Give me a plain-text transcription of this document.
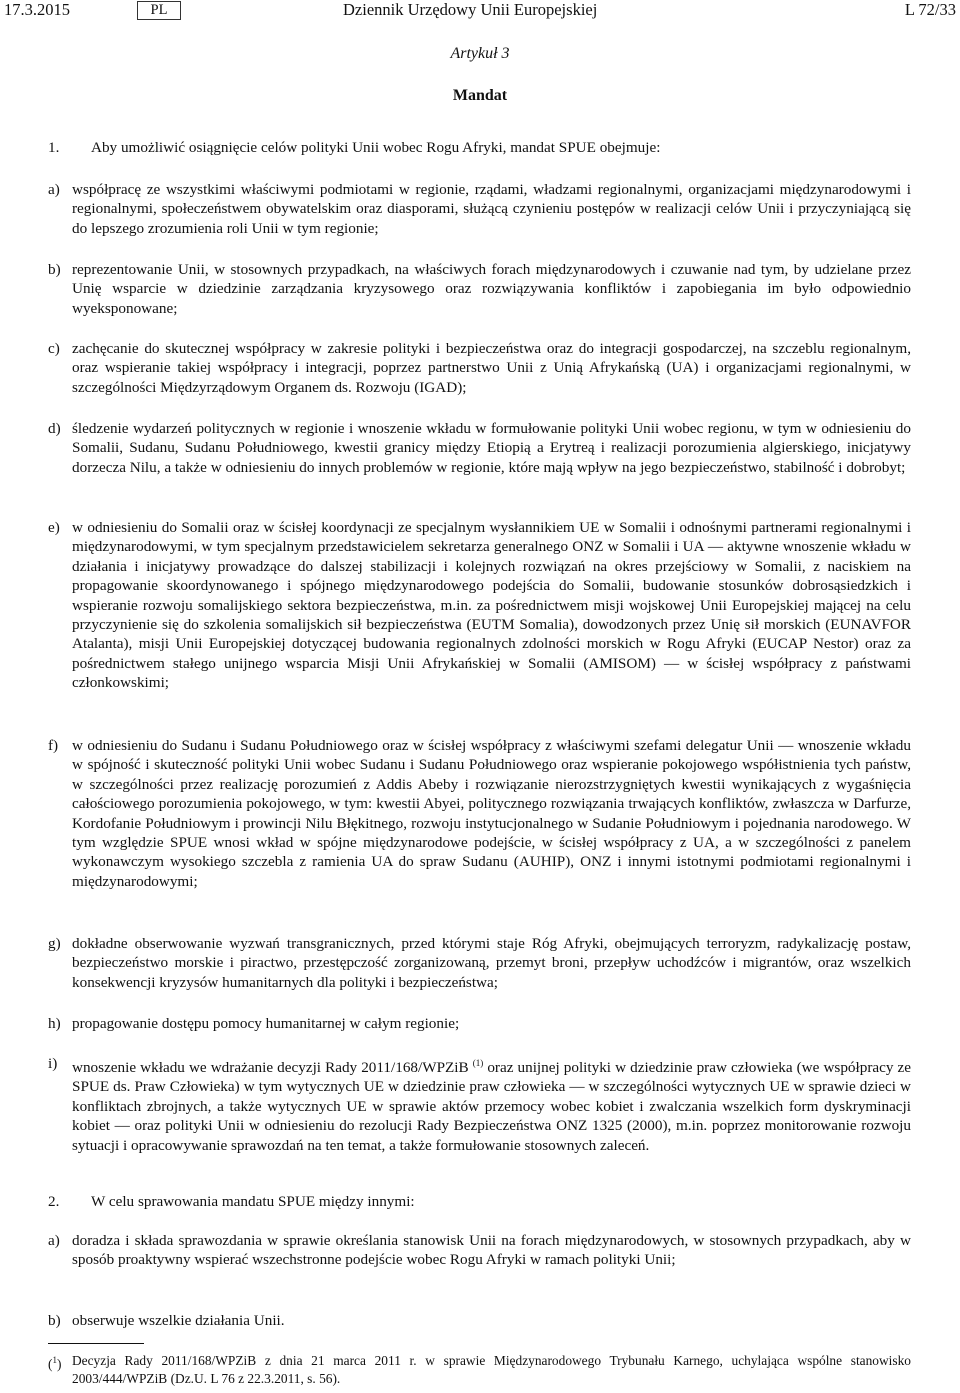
17.3.2015	PL	Dziennik Urzędowy Unii Europejskiej	L 72/33
Artykuł 3
Mandat
1. Aby umożliwić osiągnięcie celów polityki Unii wobec Rogu Afryki, mandat SPUE obejmuje:
a) współpracę ze wszystkimi właściwymi podmiotami w regionie, rządami, władzami regionalnymi, organizacjami międzynarodowymi i regionalnymi, społeczeństwem obywatelskim oraz diasporami, służącą czynieniu postępów w realizacji celów Unii i przyczyniającą się do lepszego zrozumienia roli Unii w tym regionie;
b) reprezentowanie Unii, w stosownych przypadkach, na właściwych forach międzynarodowych i czuwanie nad tym, by udzielane przez Unię wsparcie w dziedzinie zarządzania kryzysowego oraz rozwiązywania konfliktów i zapobiegania im było odpowiednio wyeksponowane;
c) zachęcanie do skutecznej współpracy w zakresie polityki i bezpieczeństwa oraz do integracji gospodarczej, na szczeblu regionalnym, oraz wspieranie takiej współpracy i integracji, poprzez partnerstwo Unii z Unią Afrykańską (UA) i organizacjami regionalnymi, w szczególności Międzyrządowym Organem ds. Rozwoju (IGAD);
d) śledzenie wydarzeń politycznych w regionie i wnoszenie wkładu w formułowanie polityki Unii wobec regionu, w tym w odniesieniu do Somalii, Sudanu, Sudanu Południowego, kwestii granicy między Etiopią a Erytreą i realizacji porozumienia algierskiego, inicjatywy dorzecza Nilu, a także w odniesieniu do innych problemów w regionie, które mają wpływ na jego bezpieczeństwo, stabilność i dobrobyt;
e) w odniesieniu do Somalii oraz w ścisłej koordynacji ze specjalnym wysłannikiem UE w Somalii i odnośnymi partnerami regionalnymi i międzynarodowymi, w tym specjalnym przedstawicielem sekretarza generalnego ONZ w Somalii i UA — aktywne wnoszenie wkładu w działania i inicjatywy prowadzące do dalszej stabilizacji i kolejnych rozwiązań na okres przejściowy w Somalii, z naciskiem na propagowanie skoordynowanego i spójnego międzynarodowego podejścia do Somalii, budowanie stosunków dobrosąsiedzkich i wspieranie rozwoju somalijskiego sektora bezpieczeństwa, m.in. za pośrednictwem misji wojskowej Unii Europejskiej mającej na celu przyczynienie się do szkolenia somalijskich sił bezpieczeństwa (EUTM Somalia), dowodzonych przez Unię sił morskich (EUNAVFOR Atalanta), misji Unii Europejskiej dotyczącej budowania regionalnych zdolności morskich w Rogu Afryki (EUCAP Nestor) oraz za pośrednictwem stałego unijnego wsparcia Misji Unii Afrykańskiej w Somalii (AMISOM) — w ścisłej współpracy z państwami członkowskimi;
f) w odniesieniu do Sudanu i Sudanu Południowego oraz w ścisłej współpracy z właściwymi szefami delegatur Unii — wnoszenie wkładu w spójność i skuteczność polityki Unii wobec Sudanu i Sudanu Południowego oraz wspieranie pokojowego współistnienia tych państw, w szczególności przez realizację porozumień z Addis Abeby i rozwiązanie nierozstrzygniętych kwestii wynikających z wygaśnięcia całościowego porozumienia pokojowego, w tym: kwestii Abyei, politycznego rozwiązania trwających konfliktów, zwłaszcza w Darfurze, Kordofanie Południowym i prowincji Nilu Błękitnego, rozwoju instytucjonalnego w Sudanie Południowym i pojednania narodowego. W tym względzie SPUE wnosi wkład w spójne międzynarodowe podejście, w ścisłej współpracy z UA, a w szczególności z panelem wykonawczym wysokiego szczebla z ramienia UA do spraw Sudanu (AUHIP), ONZ i innymi istotnymi podmiotami regionalnymi i międzynarodowymi;
g) dokładne obserwowanie wyzwań transgranicznych, przed którymi staje Róg Afryki, obejmujących terroryzm, radykalizację postaw, bezpieczeństwo morskie i piractwo, przestępczość zorganizowaną, przemyt broni, przepływ uchodźców i migrantów, oraz wszelkich konsekwencji kryzysów humanitarnych dla polityki i bezpieczeństwa;
h) propagowanie dostępu pomocy humanitarnej w całym regionie;
i) wnoszenie wkładu we wdrażanie decyzji Rady 2011/168/WPZiB $^{(1)}$ oraz unijnej polityki w dziedzinie praw człowieka (we współpracy ze SPUE ds. Praw Człowieka) w tym wytycznych UE w dziedzinie praw człowieka — w szczególności wytycznych UE w sprawie dzieci w konfliktach zbrojnych, a także wytycznych UE w sprawie aktów przemocy wobec kobiet i zwalczania wszelkich form dyskryminacji kobiet — oraz polityki Unii w odniesieniu do rezolucji Rady Bezpieczeństwa ONZ 1325 (2000), m.in. poprzez monitorowanie rozwoju sytuacji i opracowywanie sprawozdań na ten temat, a także formułowanie stosownych zaleceń.
2. W celu sprawowania mandatu SPUE między innymi:
a) doradza i składa sprawozdania w sprawie określania stanowisk Unii na forach międzynarodowych, w stosownych przypadkach, aby w sposób proaktywny wspierać wszechstronne podejście wobec Rogu Afryki w ramach polityki Unii;
b) obserwuje wszelkie działania Unii.
($^1$) Decyzja Rady 2011/168/WPZiB z dnia 21 marca 2011 r. w sprawie Międzynarodowego Trybunału Karnego, uchylająca wspólne stanowisko 2003/444/WPZiB (Dz.U. L 76 z 22.3.2011, s. 56).
